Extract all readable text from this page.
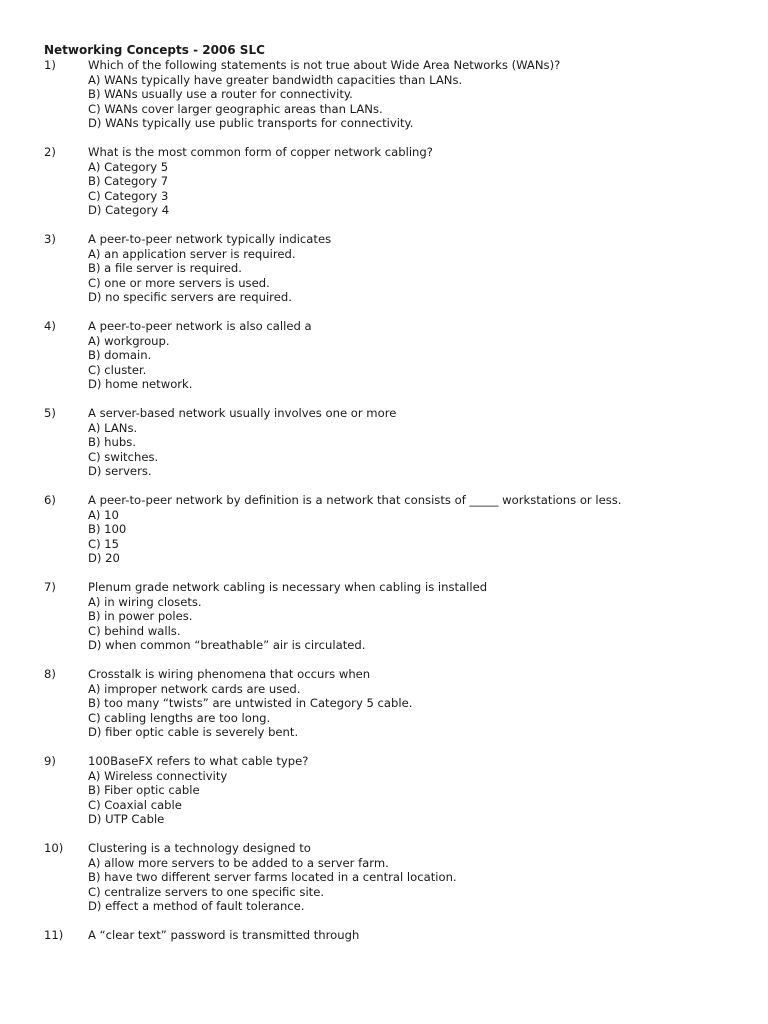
Networking Concepts - 2006 SLC
1)	Which of the following statements is not true about Wide Area Networks (WANs)?
A) WANs typically have greater bandwidth capacities than LANs.
B) WANs usually use a router for connectivity.
C) WANs cover larger geographic areas than LANs.
D) WANs typically use public transports for connectivity.
2)	What is the most common form of copper network cabling?
A) Category 5
B) Category 7
C) Category 3
D) Category 4
3)	A peer-to-peer network typically indicates
A) an application server is required.
B) a file server is required.
C) one or more servers is used.
D) no specific servers are required.
4)	A peer-to-peer network is also called a
A) workgroup.
B) domain.
C) cluster.
D) home network.
5)	A server-based network usually involves one or more
A) LANs.
B) hubs.
C) switches.
D) servers.
6)	A peer-to-peer network by definition is a network that consists of _____ workstations or less.
A) 10
B) 100
C) 15
D) 20
7)	Plenum grade network cabling is necessary when cabling is installed
A) in wiring closets.
B) in power poles.
C) behind walls.
D) when common “breathable” air is circulated.
8)	Crosstalk is wiring phenomena that occurs when
A) improper network cards are used.
B) too many “twists” are untwisted in Category 5 cable.
C) cabling lengths are too long.
D) fiber optic cable is severely bent.
9)	100BaseFX refers to what cable type?
A) Wireless connectivity
B) Fiber optic cable
C) Coaxial cable
D) UTP Cable
10) Clustering is a technology designed to
A) allow more servers to be added to a server farm.
B) have two different server farms located in a central location.
C) centralize servers to one specific site.
D) effect a method of fault tolerance.
11) A “clear text” password is transmitted through
